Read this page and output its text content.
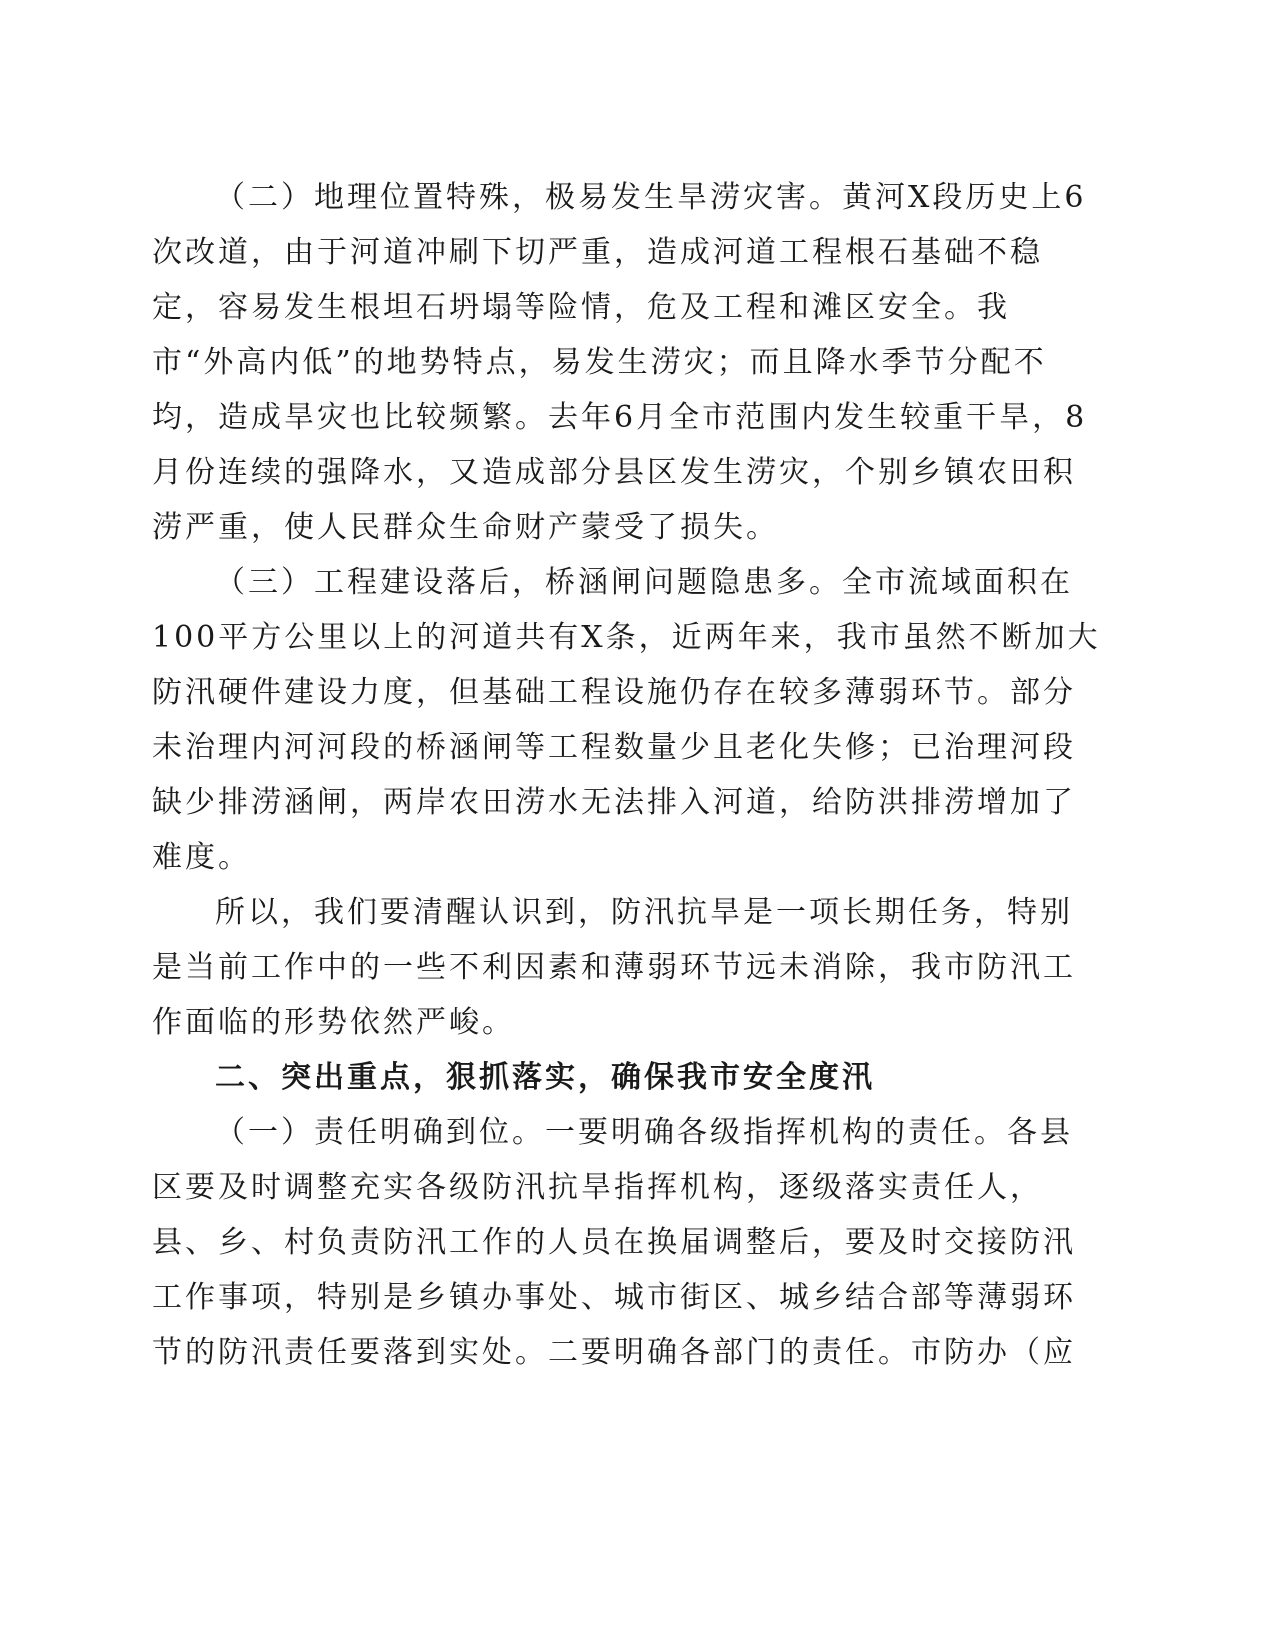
（二）地理位置特殊，极易发生旱涝灾害。黄河X段历史上6
次改道，由于河道冲刷下切严重，造成河道工程根石基础不稳
定，容易发生根坦石坍塌等险情，危及工程和滩区安全。我
市“外高内低”的地势特点，易发生涝灾；而且降水季节分配不
均，造成旱灾也比较频繁。去年6月全市范围内发生较重干旱，8
月份连续的强降水，又造成部分县区发生涝灾，个别乡镇农田积
涝严重，使人民群众生命财产蒙受了损失。
（三）工程建设落后，桥涵闸问题隐患多。全市流域面积在
100平方公里以上的河道共有X条，近两年来，我市虽然不断加大
防汛硬件建设力度，但基础工程设施仍存在较多薄弱环节。部分
未治理内河河段的桥涵闸等工程数量少且老化失修；已治理河段
缺少排涝涵闸，两岸农田涝水无法排入河道，给防洪排涝增加了
难度。
所以，我们要清醒认识到，防汛抗旱是一项长期任务，特别
是当前工作中的一些不利因素和薄弱环节远未消除，我市防汛工
作面临的形势依然严峻。
二、突出重点，狠抓落实，确保我市安全度汛
（一）责任明确到位。一要明确各级指挥机构的责任。各县
区要及时调整充实各级防汛抗旱指挥机构，逐级落实责任人，
县、乡、村负责防汛工作的人员在换届调整后，要及时交接防汛
工作事项，特别是乡镇办事处、城市街区、城乡结合部等薄弱环
节的防汛责任要落到实处。二要明确各部门的责任。市防办（应
